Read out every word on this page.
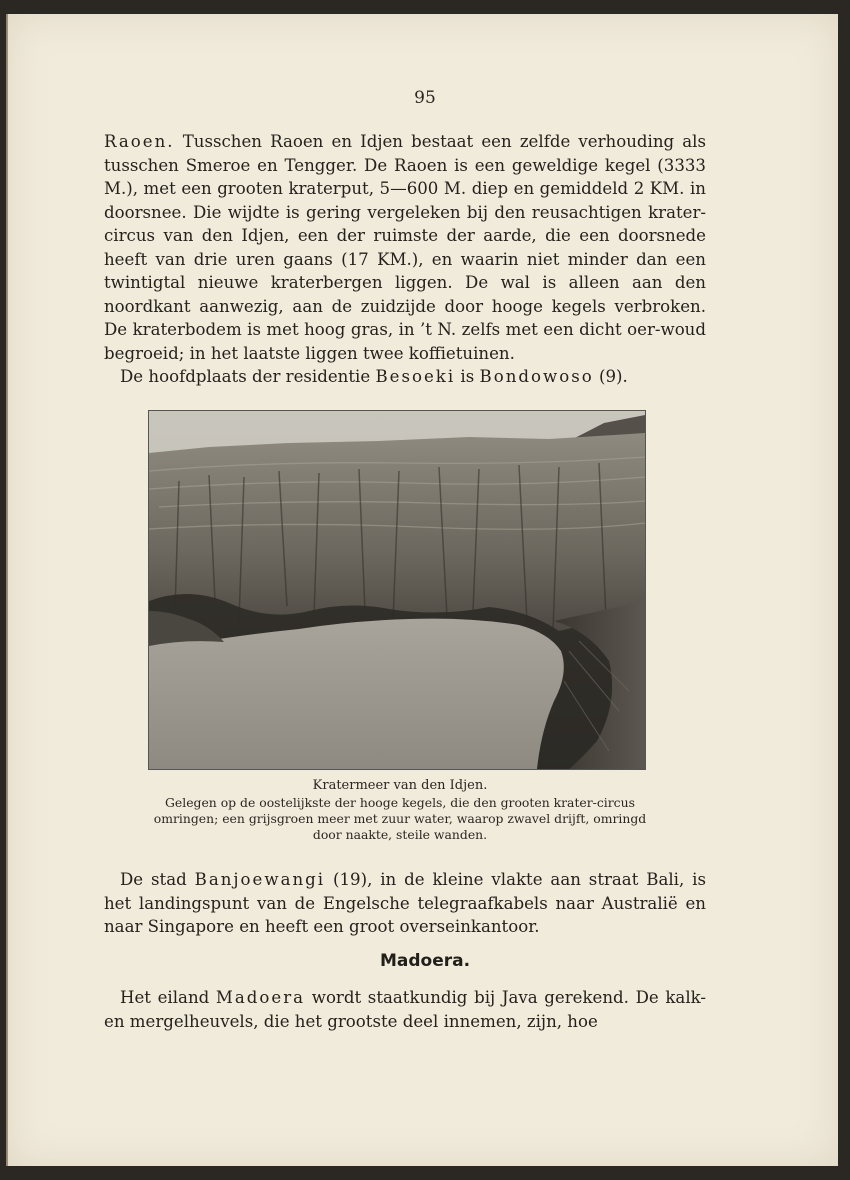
95

Raoen. Tusschen Raoen en Idjen bestaat een zelfde verhouding als tusschen Smeroe en Tengger. De Raoen is een geweldige kegel (3333 M.), met een grooten kraterput, 5—600 M. diep en gemiddeld 2 KM. in doorsnee. Die wijdte is gering vergeleken bij den reusachtigen krater-circus van den Idjen, een der ruimste der aarde, die een doorsnede heeft van drie uren gaans (17 KM.), en waarin niet minder dan een twintigtal nieuwe kraterbergen liggen. De wal is alleen aan den noordkant aanwezig, aan de zuidzijde door hooge kegels verbroken. De kraterbodem is met hoog gras, in ’t N. zelfs met een dicht oer-woud begroeid; in het laatste liggen twee koffietuinen.

De hoofdplaats der residentie Besoeki is Bondowoso (9).

Kratermeer van den Idjen.
Gelegen op de oostelijkste der hooge kegels, die den grooten krater-circus omringen; een grijsgroen meer met zuur water, waarop zwavel drijft, omringd door naakte, steile wanden.

De stad Banjoewangi (19), in de kleine vlakte aan straat Bali, is het landingspunt van de Engelsche telegraafkabels naar Australië en naar Singapore en heeft een groot overseinkantoor.

Madoera.

Het eiland Madoera wordt staatkundig bij Java gerekend. De kalk- en mergelheuvels, die het grootste deel innemen, zijn, hoe
